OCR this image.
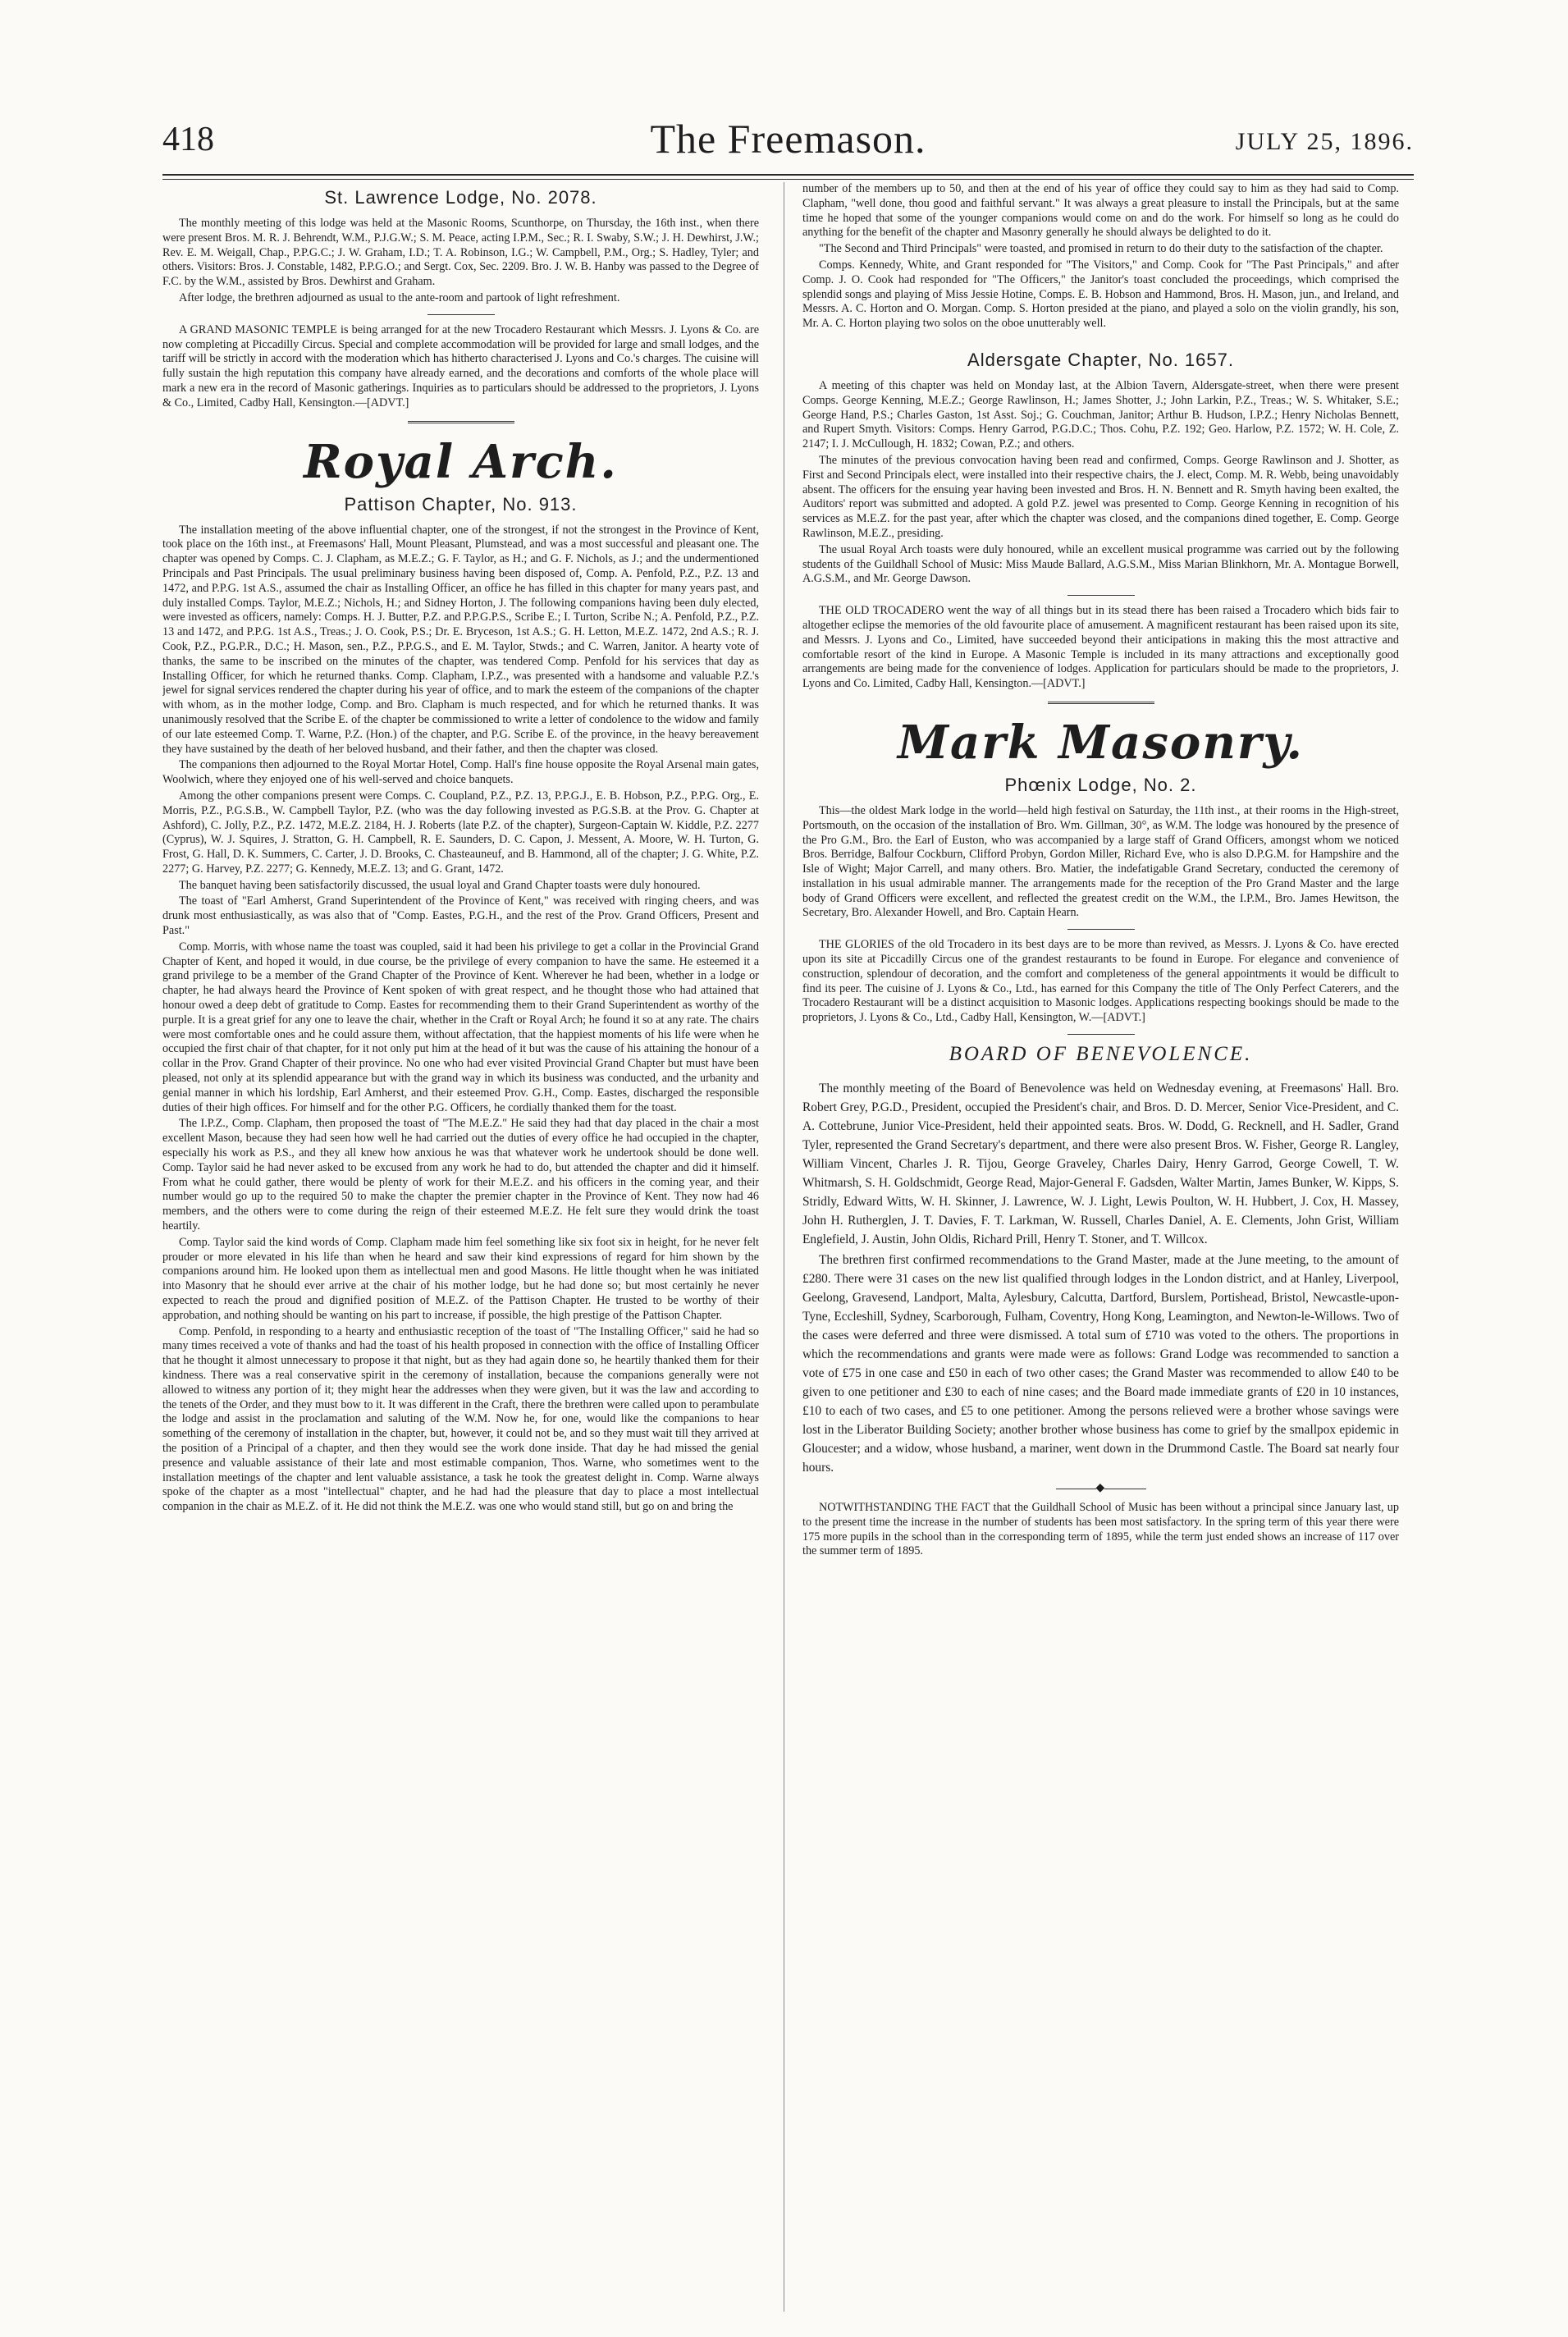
418	The Freemason.	JULY 25, 1896.
St. Lawrence Lodge, No. 2078.

The monthly meeting of this lodge was held at the Masonic Rooms, Scunthorpe, on Thursday, the 16th inst., when there were present Bros. M. R. J. Behrendt, W.M., P.J.G.W.; S. M. Peace, acting I.P.M., Sec.; R. I. Swaby, S.W.; J. H. Dewhirst, J.W.; Rev. E. M. Weigall, Chap., P.P.G.C.; J. W. Graham, I.D.; T. A. Robinson, I.G.; W. Campbell, P.M., Org.; S. Hadley, Tyler; and others. Visitors: Bros. J. Constable, 1482, P.P.G.O.; and Sergt. Cox, Sec. 2209. Bro. J. W. B. Hanby was passed to the Degree of F.C. by the W.M., assisted by Bros. Dewhirst and Graham.

After lodge, the brethren adjourned as usual to the ante-room and partook of light refreshment.

A GRAND MASONIC TEMPLE is being arranged for at the new Trocadero Restaurant which Messrs. J. Lyons & Co. are now completing at Piccadilly Circus. Special and complete accommodation will be provided for large and small lodges, and the tariff will be strictly in accord with the moderation which has hitherto characterised J. Lyons and Co.'s charges. The cuisine will fully sustain the high reputation this company have already earned, and the decorations and comforts of the whole place will mark a new era in the record of Masonic gatherings. Inquiries as to particulars should be addressed to the proprietors, J. Lyons & Co., Limited, Cadby Hall, Kensington.—[ADVT.]

Royal Arch.
Pattison Chapter, No. 913.

The installation meeting of the above influential chapter, one of the strongest, if not the strongest in the Province of Kent, took place on the 16th inst., at Freemasons' Hall, Mount Pleasant, Plumstead, and was a most successful and pleasant one. The chapter was opened by Comps. C. J. Clapham, as M.E.Z.; G. F. Taylor, as H.; and G. F. Nichols, as J.; and the undermentioned Principals and Past Principals. The usual preliminary business having been disposed of, Comp. A. Penfold, P.Z., P.Z. 13 and 1472, and P.P.G. 1st A.S., assumed the chair as Installing Officer, an office he has filled in this chapter for many years past, and duly installed Comps. Taylor, M.E.Z.; Nichols, H.; and Sidney Horton, J. The following companions having been duly elected, were invested as officers, namely: Comps. H. J. Butter, P.Z. and P.P.G.P.S., Scribe E.; I. Turton, Scribe N.; A. Penfold, P.Z., P.Z. 13 and 1472, and P.P.G. 1st A.S., Treas.; J. O. Cook, P.S.; Dr. E. Bryceson, 1st A.S.; G. H. Letton, M.E.Z. 1472, 2nd A.S.; R. J. Cook, P.Z., P.G.P.R., D.C.; H. Mason, sen., P.Z., P.P.G.S., and E. M. Taylor, Stwds.; and C. Warren, Janitor. A hearty vote of thanks, the same to be inscribed on the minutes of the chapter, was tendered Comp. Penfold for his services that day as Installing Officer, for which he returned thanks. Comp. Clapham, I.P.Z., was presented with a handsome and valuable P.Z.'s jewel for signal services rendered the chapter during his year of office, and to mark the esteem of the companions of the chapter with whom, as in the mother lodge, Comp. and Bro. Clapham is much respected, and for which he returned thanks. It was unanimously resolved that the Scribe E. of the chapter be commissioned to write a letter of condolence to the widow and family of our late esteemed Comp. T. Warne, P.Z. (Hon.) of the chapter, and P.G. Scribe E. of the province, in the heavy bereavement they have sustained by the death of her beloved husband, and their father, and then the chapter was closed.

The companions then adjourned to the Royal Mortar Hotel, Comp. Hall's fine house opposite the Royal Arsenal main gates, Woolwich, where they enjoyed one of his well-served and choice banquets.

Among the other companions present were Comps. C. Coupland, P.Z., P.Z. 13, P.P.G.J., E. B. Hobson, P.Z., P.P.G. Org., E. Morris, P.Z., P.G.S.B., W. Campbell Taylor, P.Z. (who was the day following invested as P.G.S.B. at the Prov. G. Chapter at Ashford), C. Jolly, P.Z., P.Z. 1472, M.E.Z. 2184, H. J. Roberts (late P.Z. of the chapter), Surgeon-Captain W. Kiddle, P.Z. 2277 (Cyprus), W. J. Squires, J. Stratton, G. H. Campbell, R. E. Saunders, D. C. Capon, J. Messent, A. Moore, W. H. Turton, G. Frost, G. Hall, D. K. Summers, C. Carter, J. D. Brooks, C. Chasteauneuf, and B. Hammond, all of the chapter; J. G. White, P.Z. 2277; G. Harvey, P.Z. 2277; G. Kennedy, M.E.Z. 13; and G. Grant, 1472.

The banquet having been satisfactorily discussed, the usual loyal and Grand Chapter toasts were duly honoured.

The toast of "Earl Amherst, Grand Superintendent of the Province of Kent," was received with ringing cheers, and was drunk most enthusiastically, as was also that of "Comp. Eastes, P.G.H., and the rest of the Prov. Grand Officers, Present and Past."

Comp. Morris, with whose name the toast was coupled, said it had been his privilege to get a collar in the Provincial Grand Chapter of Kent, and hoped it would, in due course, be the privilege of every companion to have the same. He esteemed it a grand privilege to be a member of the Grand Chapter of the Province of Kent. Wherever he had been, whether in a lodge or chapter, he had always heard the Province of Kent spoken of with great respect, and he thought those who had attained that honour owed a deep debt of gratitude to Comp. Eastes for recommending them to their Grand Superintendent as worthy of the purple. It is a great grief for any one to leave the chair, whether in the Craft or Royal Arch; he found it so at any rate. The chairs were most comfortable ones and he could assure them, without affectation, that the happiest moments of his life were when he occupied the first chair of that chapter, for it not only put him at the head of it but was the cause of his attaining the honour of a collar in the Prov. Grand Chapter of their province. No one who had ever visited Provincial Grand Chapter but must have been pleased, not only at its splendid appearance but with the grand way in which its business was conducted, and the urbanity and genial manner in which his lordship, Earl Amherst, and their esteemed Prov. G.H., Comp. Eastes, discharged the responsible duties of their high offices. For himself and for the other P.G. Officers, he cordially thanked them for the toast.

The I.P.Z., Comp. Clapham, then proposed the toast of "The M.E.Z." He said they had that day placed in the chair a most excellent Mason, because they had seen how well he had carried out the duties of every office he had occupied in the chapter, especially his work as P.S., and they all knew how anxious he was that whatever work he undertook should be done well. Comp. Taylor said he had never asked to be excused from any work he had to do, but attended the chapter and did it himself. From what he could gather, there would be plenty of work for their M.E.Z. and his officers in the coming year, and their number would go up to the required 50 to make the chapter the premier chapter in the Province of Kent. They now had 46 members, and the others were to come during the reign of their esteemed M.E.Z. He felt sure they would drink the toast heartily.

Comp. Taylor said the kind words of Comp. Clapham made him feel something like six foot six in height, for he never felt prouder or more elevated in his life than when he heard and saw their kind expressions of regard for him shown by the companions around him. He looked upon them as intellectual men and good Masons. He little thought when he was initiated into Masonry that he should ever arrive at the chair of his mother lodge, but he had done so; but most certainly he never expected to reach the proud and dignified position of M.E.Z. of the Pattison Chapter. He trusted to be worthy of their approbation, and nothing should be wanting on his part to increase, if possible, the high prestige of the Pattison Chapter.

Comp. Penfold, in responding to a hearty and enthusiastic reception of the toast of "The Installing Officer," said he had so many times received a vote of thanks and had the toast of his health proposed in connection with the office of Installing Officer that he thought it almost unnecessary to propose it that night, but as they had again done so, he heartily thanked them for their kindness. There was a real conservative spirit in the ceremony of installation, because the companions generally were not allowed to witness any portion of it; they might hear the addresses when they were given, but it was the law and according to the tenets of the Order, and they must bow to it. It was different in the Craft, there the brethren were called upon to perambulate the lodge and assist in the proclamation and saluting of the W.M. Now he, for one, would like the companions to hear something of the ceremony of installation in the chapter, but, however, it could not be, and so they must wait till they arrived at the position of a Principal of a chapter, and then they would see the work done inside. That day he had missed the genial presence and valuable assistance of their late and most estimable companion, Thos. Warne, who sometimes went to the installation meetings of the chapter and lent valuable assistance, a task he took the greatest delight in. Comp. Warne always spoke of the chapter as a most "intellectual" chapter, and he had had the pleasure that day to place a most intellectual companion in the chair as M.E.Z. of it. He did not think the M.E.Z. was one who would stand still, but go on and bring the

number of the members up to 50, and then at the end of his year of office they could say to him as they had said to Comp. Clapham, "well done, thou good and faithful servant." It was always a great pleasure to install the Principals, but at the same time he hoped that some of the younger companions would come on and do the work. For himself so long as he could do anything for the benefit of the chapter and Masonry generally he should always be delighted to do it.

"The Second and Third Principals" were toasted, and promised in return to do their duty to the satisfaction of the chapter.

Comps. Kennedy, White, and Grant responded for "The Visitors," and Comp. Cook for "The Past Principals," and after Comp. J. O. Cook had responded for "The Officers," the Janitor's toast concluded the proceedings, which comprised the splendid songs and playing of Miss Jessie Hotine, Comps. E. B. Hobson and Hammond, Bros. H. Mason, jun., and Ireland, and Messrs. A. C. Horton and O. Morgan. Comp. S. Horton presided at the piano, and played a solo on the violin grandly, his son, Mr. A. C. Horton playing two solos on the oboe unutterably well.

Aldersgate Chapter, No. 1657.

A meeting of this chapter was held on Monday last, at the Albion Tavern, Aldersgate-street, when there were present Comps. George Kenning, M.E.Z.; George Rawlinson, H.; James Shotter, J.; John Larkin, P.Z., Treas.; W. S. Whitaker, S.E.; George Hand, P.S.; Charles Gaston, 1st Asst. Soj.; G. Couchman, Janitor; Arthur B. Hudson, I.P.Z.; Henry Nicholas Bennett, and Rupert Smyth. Visitors: Comps. Henry Garrod, P.G.D.C.; Thos. Cohu, P.Z. 192; Geo. Harlow, P.Z. 1572; W. H. Cole, Z. 2147; I. J. McCullough, H. 1832; Cowan, P.Z.; and others.

The minutes of the previous convocation having been read and confirmed, Comps. George Rawlinson and J. Shotter, as First and Second Principals elect, were installed into their respective chairs, the J. elect, Comp. M. R. Webb, being unavoidably absent. The officers for the ensuing year having been invested and Bros. H. N. Bennett and R. Smyth having been exalted, the Auditors' report was submitted and adopted. A gold P.Z. jewel was presented to Comp. George Kenning in recognition of his services as M.E.Z. for the past year, after which the chapter was closed, and the companions dined together, E. Comp. George Rawlinson, M.E.Z., presiding.

The usual Royal Arch toasts were duly honoured, while an excellent musical programme was carried out by the following students of the Guildhall School of Music: Miss Maude Ballard, A.G.S.M., Miss Marian Blinkhorn, Mr. A. Montague Borwell, A.G.S.M., and Mr. George Dawson.

THE OLD TROCADERO went the way of all things but in its stead there has been raised a Trocadero which bids fair to altogether eclipse the memories of the old favourite place of amusement. A magnificent restaurant has been raised upon its site, and Messrs. J. Lyons and Co., Limited, have succeeded beyond their anticipations in making this the most attractive and comfortable resort of the kind in Europe. A Masonic Temple is included in its many attractions and exceptionally good arrangements are being made for the convenience of lodges. Application for particulars should be made to the proprietors, J. Lyons and Co. Limited, Cadby Hall, Kensington.—[ADVT.]

Mark Masonry.
Phœnix Lodge, No. 2.

This—the oldest Mark lodge in the world—held high festival on Saturday, the 11th inst., at their rooms in the High-street, Portsmouth, on the occasion of the installation of Bro. Wm. Gillman, 30°, as W.M. The lodge was honoured by the presence of the Pro G.M., Bro. the Earl of Euston, who was accompanied by a large staff of Grand Officers, amongst whom we noticed Bros. Berridge, Balfour Cockburn, Clifford Probyn, Gordon Miller, Richard Eve, who is also D.P.G.M. for Hampshire and the Isle of Wight; Major Carrell, and many others. Bro. Matier, the indefatigable Grand Secretary, conducted the ceremony of installation in his usual admirable manner. The arrangements made for the reception of the Pro Grand Master and the large body of Grand Officers were excellent, and reflected the greatest credit on the W.M., the I.P.M., Bro. James Hewitson, the Secretary, Bro. Alexander Howell, and Bro. Captain Hearn.

THE GLORIES of the old Trocadero in its best days are to be more than revived, as Messrs. J. Lyons & Co. have erected upon its site at Piccadilly Circus one of the grandest restaurants to be found in Europe. For elegance and convenience of construction, splendour of decoration, and the comfort and completeness of the general appointments it would be difficult to find its peer. The cuisine of J. Lyons & Co., Ltd., has earned for this Company the title of The Only Perfect Caterers, and the Trocadero Restaurant will be a distinct acquisition to Masonic lodges. Applications respecting bookings should be made to the proprietors, J. Lyons & Co., Ltd., Cadby Hall, Kensington, W.—[ADVT.]

BOARD OF BENEVOLENCE.

The monthly meeting of the Board of Benevolence was held on Wednesday evening, at Freemasons' Hall. Bro. Robert Grey, P.G.D., President, occupied the President's chair, and Bros. D. D. Mercer, Senior Vice-President, and C. A. Cottebrune, Junior Vice-President, held their appointed seats. Bros. W. Dodd, G. Recknell, and H. Sadler, Grand Tyler, represented the Grand Secretary's department, and there were also present Bros. W. Fisher, George R. Langley, William Vincent, Charles J. R. Tijou, George Graveley, Charles Dairy, Henry Garrod, George Cowell, T. W. Whitmarsh, S. H. Goldschmidt, George Read, Major-General F. Gadsden, Walter Martin, James Bunker, W. Kipps, S. Stridly, Edward Witts, W. H. Skinner, J. Lawrence, W. J. Light, Lewis Poulton, W. H. Hubbert, J. Cox, H. Massey, John H. Rutherglen, J. T. Davies, F. T. Larkman, W. Russell, Charles Daniel, A. E. Clements, John Grist, William Englefield, J. Austin, John Oldis, Richard Prill, Henry T. Stoner, and T. Willcox.

The brethren first confirmed recommendations to the Grand Master, made at the June meeting, to the amount of £280. There were 31 cases on the new list qualified through lodges in the London district, and at Hanley, Liverpool, Geelong, Gravesend, Landport, Malta, Aylesbury, Calcutta, Dartford, Burslem, Portishead, Bristol, Newcastle-upon-Tyne, Eccleshill, Sydney, Scarborough, Fulham, Coventry, Hong Kong, Leamington, and Newton-le-Willows. Two of the cases were deferred and three were dismissed. A total sum of £710 was voted to the others. The proportions in which the recommendations and grants were made were as follows: Grand Lodge was recommended to sanction a vote of £75 in one case and £50 in each of two other cases; the Grand Master was recommended to allow £40 to be given to one petitioner and £30 to each of nine cases; and the Board made immediate grants of £20 in 10 instances, £10 to each of two cases, and £5 to one petitioner. Among the persons relieved were a brother whose savings were lost in the Liberator Building Society; another brother whose business has come to grief by the smallpox epidemic in Gloucester; and a widow, whose husband, a mariner, went down in the Drummond Castle. The Board sat nearly four hours.

◆

NOTWITHSTANDING THE FACT that the Guildhall School of Music has been without a principal since January last, up to the present time the increase in the number of students has been most satisfactory. In the spring term of this year there were 175 more pupils in the school than in the corresponding term of 1895, while the term just ended shows an increase of 117 over the summer term of 1895.
